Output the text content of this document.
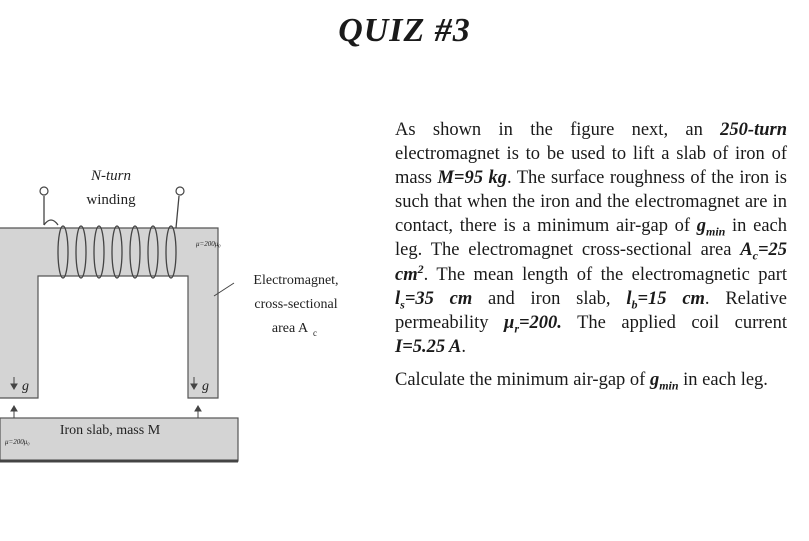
QUIZ #3
N-turn
winding
μ=200μ₀
Electromagnet,
cross-sectional
area A c
g	g
Iron slab, mass M
μ=200μ₀

As shown in the figure next, an 250-turn electromagnet is to be used to lift a slab of iron of mass M=95 kg. The surface roughness of the iron is such that when the iron and the electromagnet are in contact, there is a minimum air-gap of $g_{min}$ in each leg. The electromagnet cross-sectional area $A_c=25$ $cm^2$. The mean length of the electromagnetic part $l_s=35$ cm and iron slab, $l_b=15$ cm. Relative permeability $\mu_r=200$. The applied coil current I=5.25 A.

Calculate the minimum air-gap of $g_{min}$ in each leg.
